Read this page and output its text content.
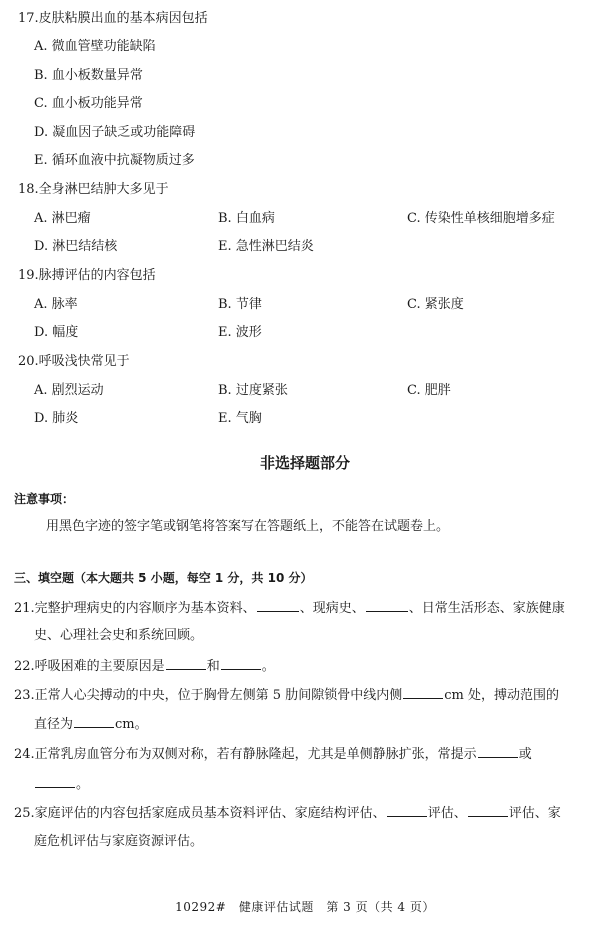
17.皮肤粘膜出血的基本病因包括
A. 微血管壁功能缺陷
B. 血小板数量异常
C. 血小板功能异常
D. 凝血因子缺乏或功能障碍
E. 循环血液中抗凝物质过多
18.全身淋巴结肿大多见于
A. 淋巴瘤	B. 白血病	C. 传染性单核细胞增多症
D. 淋巴结结核	E. 急性淋巴结炎
19.脉搏评估的内容包括
A. 脉率	B. 节律	C. 紧张度
D. 幅度	E. 波形
20.呼吸浅快常见于
A. 剧烈运动	B. 过度紧张	C. 肥胖
D. 肺炎	E. 气胸
非选择题部分
注意事项：
用黑色字迹的签字笔或钢笔将答案写在答题纸上，不能答在试题卷上。
三、填空题（本大题共 5 小题，每空 1 分，共 10 分）
21.完整护理病史的内容顺序为基本资料、	、现病史、	、日常生活形态、家族健康
史、心理社会史和系统回顾。
22.呼吸困难的主要原因是	和	。
23.正常人心尖搏动的中央，位于胸骨左侧第 5 肋间隙锁骨中线内侧	cm 处，搏动范围的
直径为	cm。
24.正常乳房血管分布为双侧对称，若有静脉隆起，尤其是单侧静脉扩张，常提示	或
。
25.家庭评估的内容包括家庭成员基本资料评估、家庭结构评估、	评估、	评估、家
庭危机评估与家庭资源评估。
10292#　健康评估试题　第 3 页（共 4 页）
